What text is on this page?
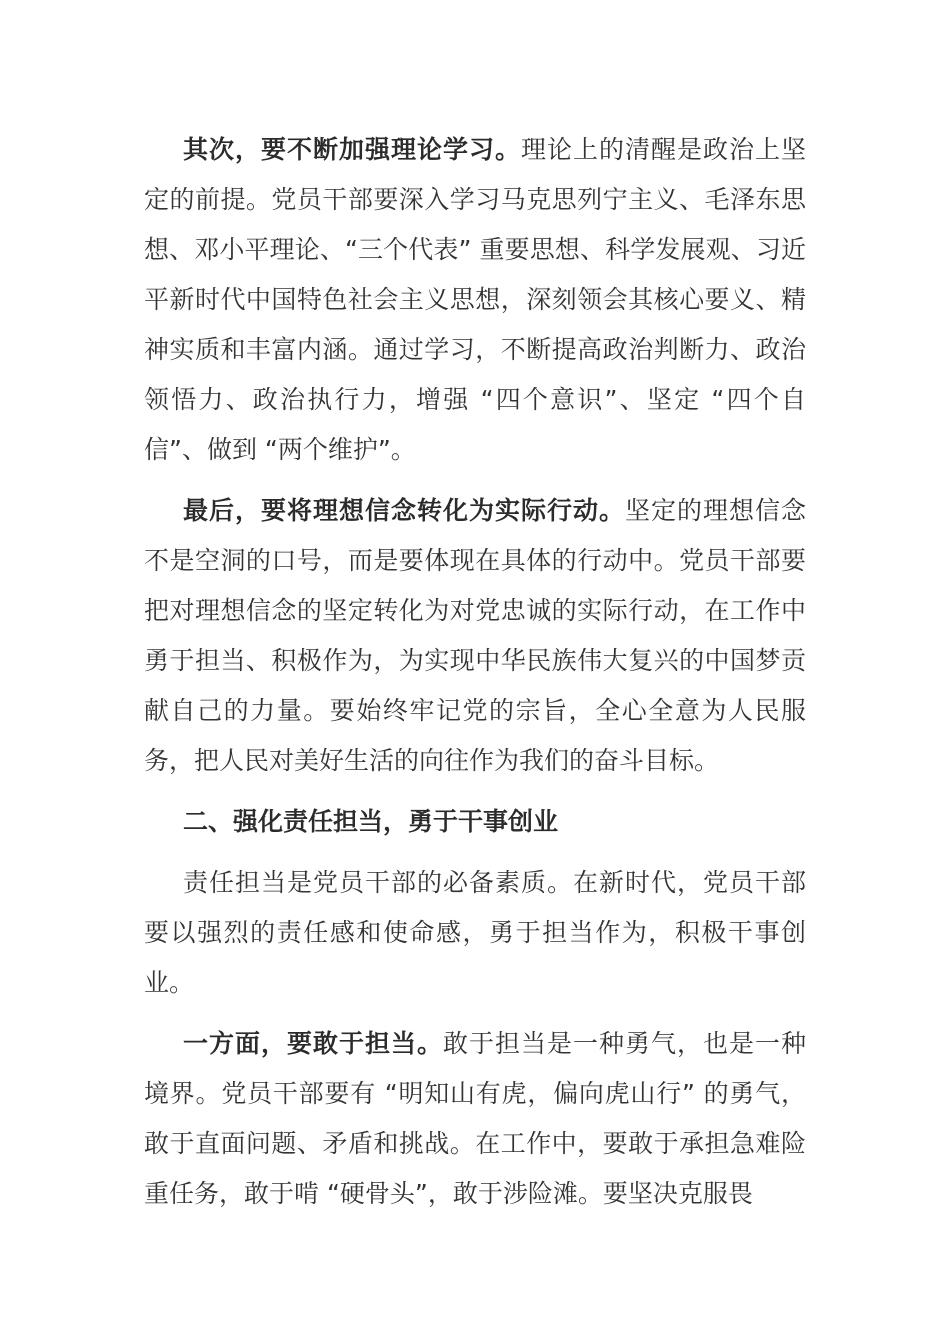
其次，要不断加强理论学习。理论上的清醒是政治上坚定的前提。党员干部要深入学习马克思列宁主义、毛泽东思想、邓小平理论、“三个代表” 重要思想、科学发展观、习近平新时代中国特色社会主义思想，深刻领会其核心要义、精神实质和丰富内涵。通过学习，不断提高政治判断力、政治领悟力、政治执行力，增强 “四个意识”、坚定 “四个自信”、做到 “两个维护”。

最后，要将理想信念转化为实际行动。坚定的理想信念不是空洞的口号，而是要体现在具体的行动中。党员干部要把对理想信念的坚定转化为对党忠诚的实际行动，在工作中勇于担当、积极作为，为实现中华民族伟大复兴的中国梦贡献自己的力量。要始终牢记党的宗旨，全心全意为人民服务，把人民对美好生活的向往作为我们的奋斗目标。

二、强化责任担当，勇于干事创业

责任担当是党员干部的必备素质。在新时代，党员干部要以强烈的责任感和使命感，勇于担当作为，积极干事创业。

一方面，要敢于担当。敢于担当是一种勇气，也是一种境界。党员干部要有 “明知山有虎，偏向虎山行” 的勇气，敢于直面问题、矛盾和挑战。在工作中，要敢于承担急难险重任务，敢于啃 “硬骨头”，敢于涉险滩。要坚决克服畏
